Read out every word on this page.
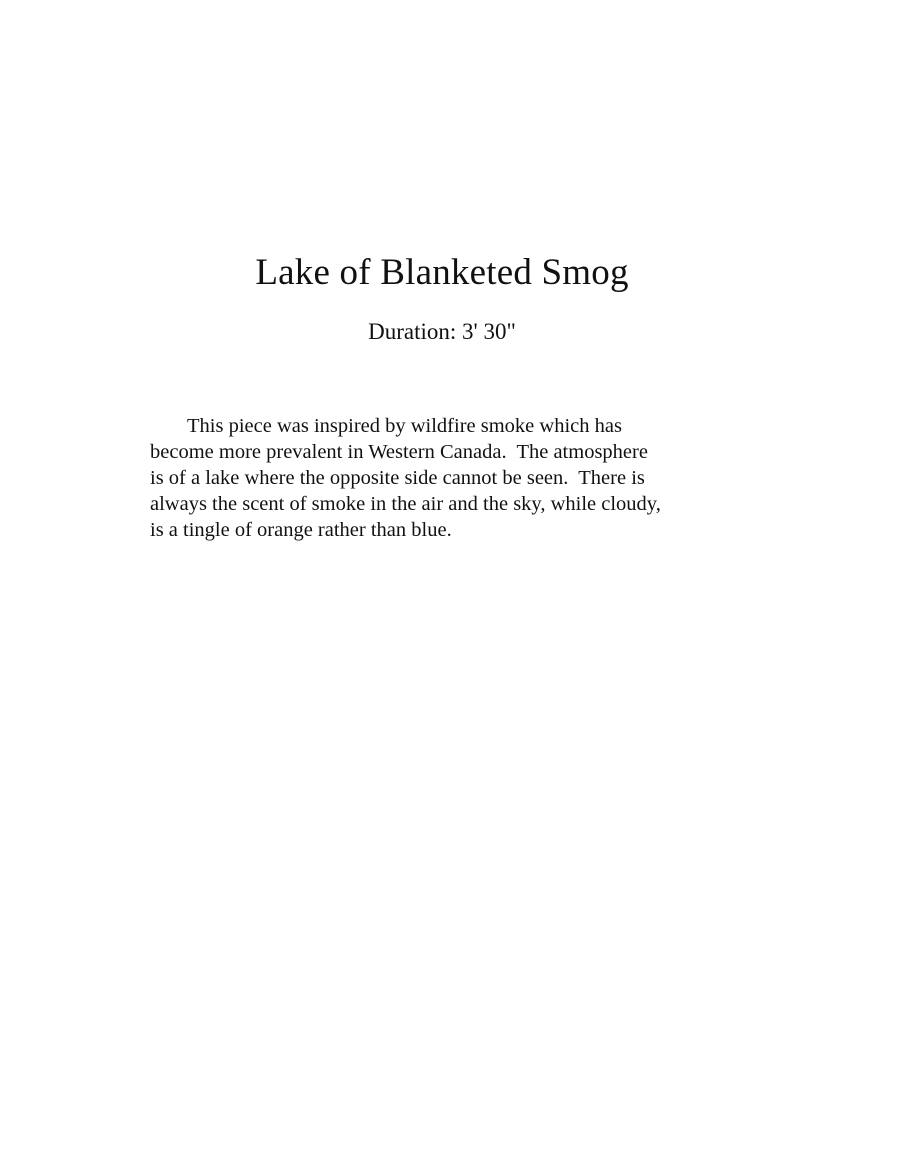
Lake of Blanketed Smog

Duration: 3' 30"

This piece was inspired by wildfire smoke which has
become more prevalent in Western Canada.  The atmosphere
is of a lake where the opposite side cannot be seen.  There is
always the scent of smoke in the air and the sky, while cloudy,
is a tingle of orange rather than blue.
